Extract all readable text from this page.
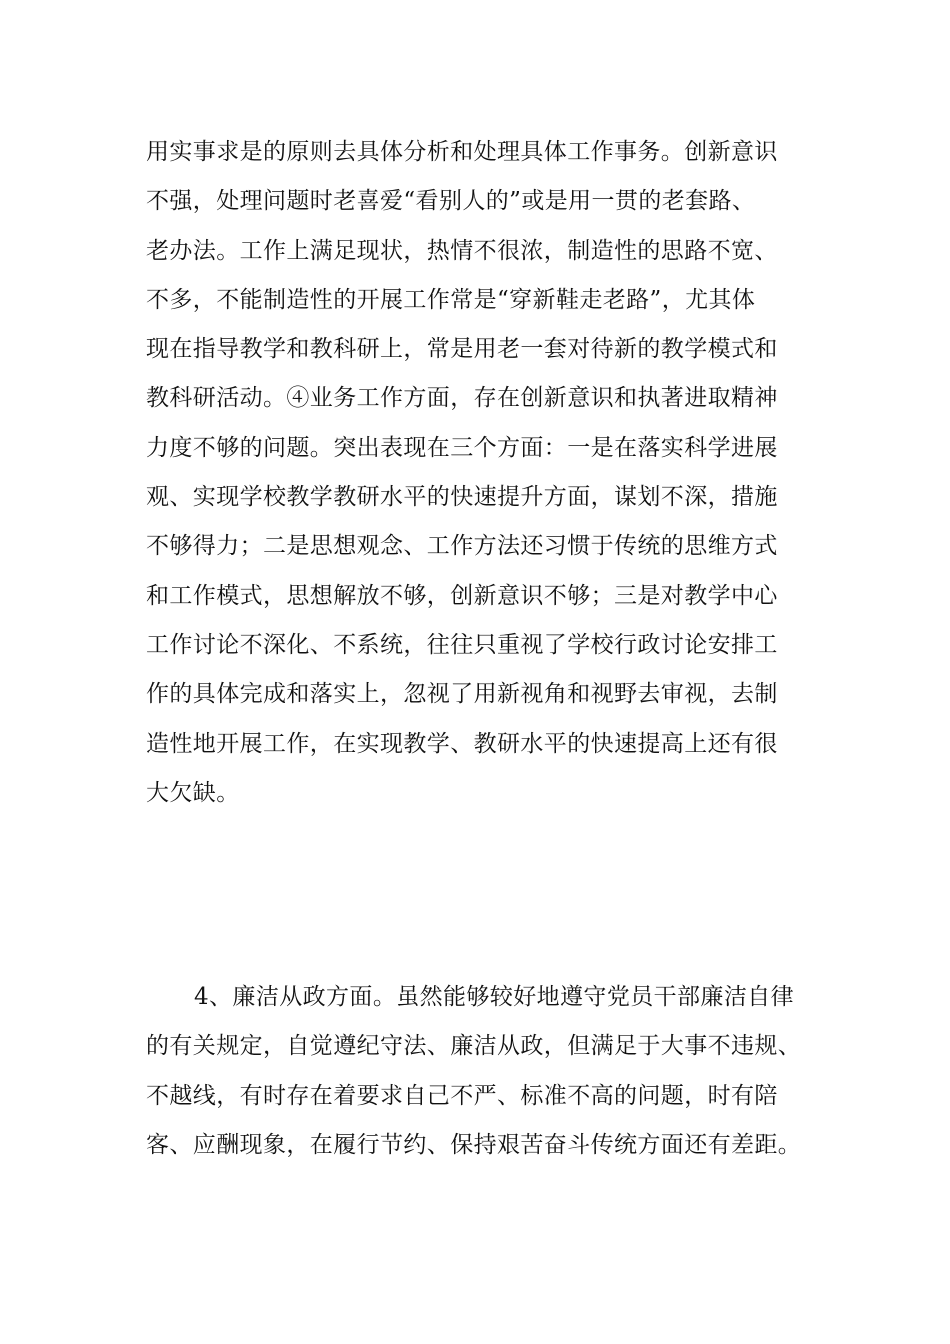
用实事求是的原则去具体分析和处理具体工作事务。创新意识
不强，处理问题时老喜爱“看别人的”或是用一贯的老套路、
老办法。工作上满足现状，热情不很浓，制造性的思路不宽、
不多，不能制造性的开展工作常是“穿新鞋走老路”，尤其体
现在指导教学和教科研上，常是用老一套对待新的教学模式和
教科研活动。④业务工作方面，存在创新意识和执著进取精神
力度不够的问题。突出表现在三个方面：一是在落实科学进展
观、实现学校教学教研水平的快速提升方面，谋划不深，措施
不够得力；二是思想观念、工作方法还习惯于传统的思维方式
和工作模式，思想解放不够，创新意识不够；三是对教学中心
工作讨论不深化、不系统，往往只重视了学校行政讨论安排工
作的具体完成和落实上，忽视了用新视角和视野去审视，去制
造性地开展工作，在实现教学、教研水平的快速提高上还有很
大欠缺。
4、廉洁从政方面。虽然能够较好地遵守党员干部廉洁自律
的有关规定，自觉遵纪守法、廉洁从政，但满足于大事不违规、
不越线，有时存在着要求自己不严、标准不高的问题，时有陪
客、应酬现象，在履行节约、保持艰苦奋斗传统方面还有差距。
